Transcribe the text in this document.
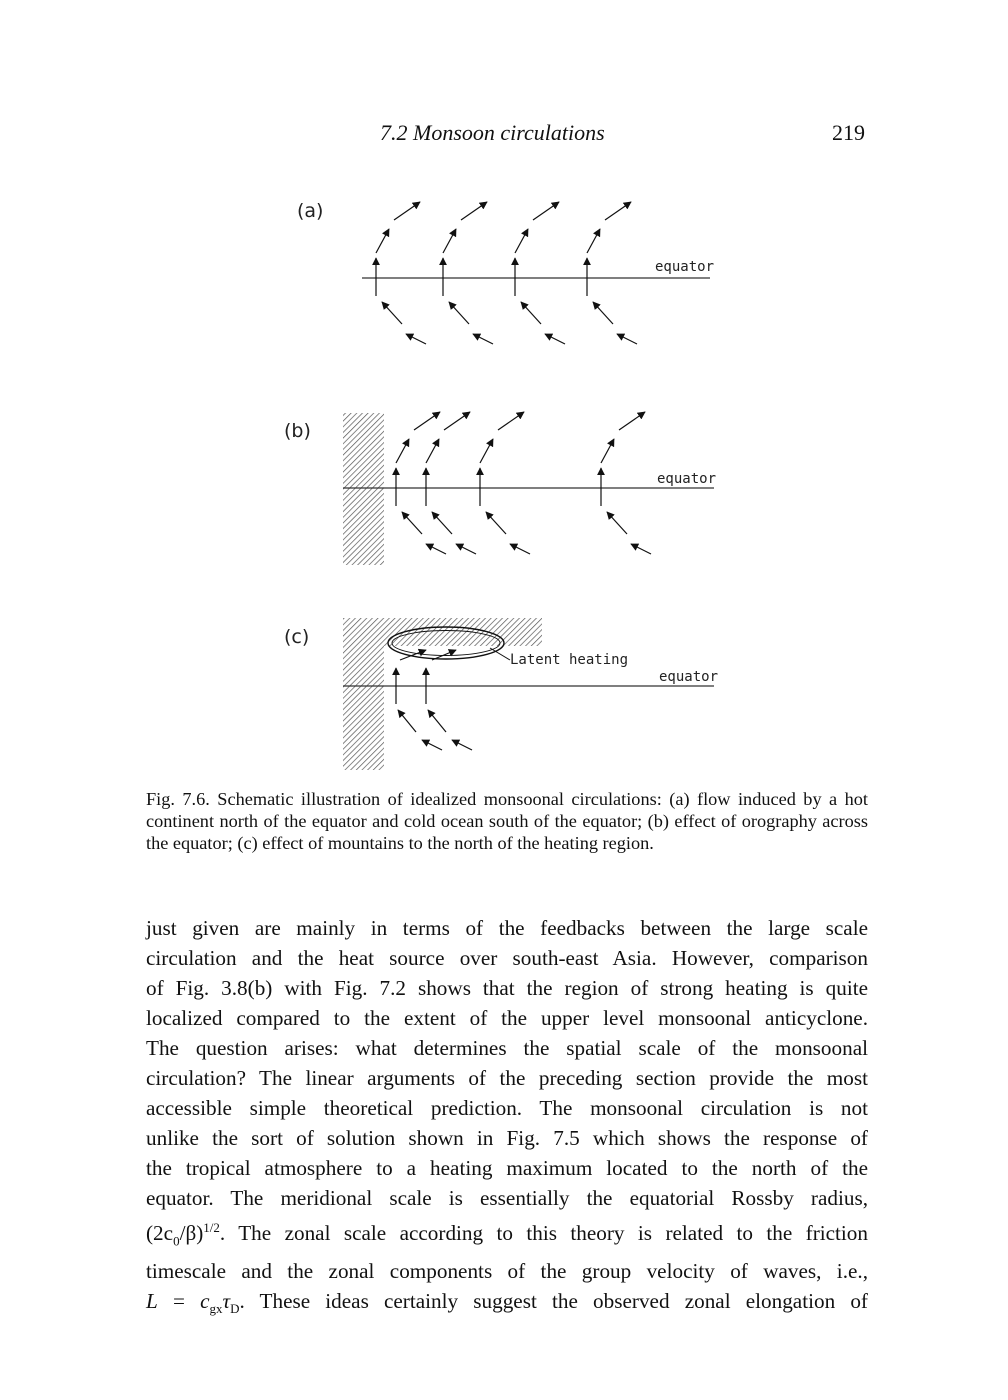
7.2 Monsoon circulations	219
(a)
equator
(b)
equator
(c)
equator
Latent heating
Fig. 7.6. Schematic illustration of idealized monsoonal circulations: (a) flow induced by a hot continent north of the equator and cold ocean south of the equator; (b) effect of orography across the equator; (c) effect of mountains to the north of the heating region.
just given are mainly in terms of the feedbacks between the large scale
circulation and the heat source over south-east Asia. However, comparison
of Fig. 3.8(b) with Fig. 7.2 shows that the region of strong heating is quite
localized compared to the extent of the upper level monsoonal anticyclone.
The question arises: what determines the spatial scale of the monsoonal
circulation? The linear arguments of the preceding section provide the most
accessible simple theoretical prediction. The monsoonal circulation is not
unlike the sort of solution shown in Fig. 7.5 which shows the response of
the tropical atmosphere to a heating maximum located to the north of the
equator. The meridional scale is essentially the equatorial Rossby radius,
$(2c_0/\beta)^{1/2}$. The zonal scale according to this theory is related to the friction
timescale and the zonal components of the group velocity of waves, i.e.,
$L = c_{gx}\tau_D$. These ideas certainly suggest the observed zonal elongation of
